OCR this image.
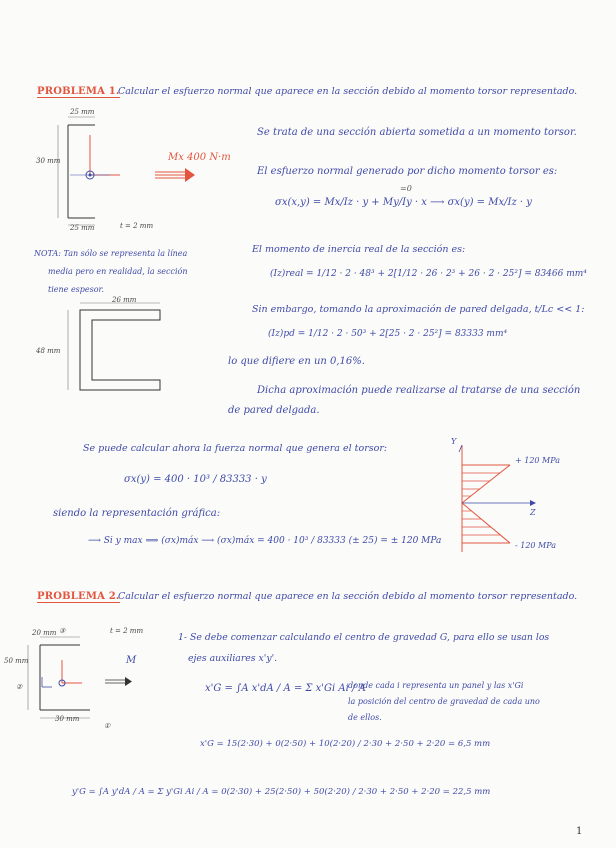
PROBLEMA 1.
Calcular el esfuerzo normal que aparece en la sección debido al momento torsor representado.
25 mm
30 mm
25 mm	t = 2 mm
Mx 400 N·m
Se trata de una sección abierta sometida a un momento torsor.
El esfuerzo normal generado por dicho momento torsor es:
=0
σx(x,y) = Mx/Iz · y + My/Iy · x ⟶ σx(y) = Mx/Iz · y
NOTA: Tan sólo se representa la línea
media pero en realidad, la sección
tiene espesor.
26 mm
48 mm
El momento de inercia real de la sección es:
(Iz)real = 1/12 · 2 · 48³ + 2[1/12 · 26 · 2³ + 26 · 2 · 25²] = 83466 mm⁴
Sin embargo, tomando la aproximación de pared delgada, t/Lc << 1:
(Iz)pd = 1/12 · 2 · 50³ + 2[25 · 2 · 25²] = 83333 mm⁴
lo que difiere en un 0,16%.
Dicha aproximación puede realizarse al tratarse de una sección
de pared delgada.
Se puede calcular ahora la fuerza normal que genera el torsor:
σx(y) = 400 · 10³ / 83333 · y
siendo la representación gráfica:
⟶ Si y max ⟹ (σx)máx ⟶ (σx)máx = 400 · 10³ / 83333 (± 25) = ± 120 MPa
Y
Z
+ 120 MPa
- 120 MPa
PROBLEMA 2.
Calcular el esfuerzo normal que aparece en la sección debido al momento torsor representado.
20 mm ③	t = 2 mm
50 mm
②
30 mm
①
M
1- Se debe comenzar calculando el centro de gravedad G, para ello se usan los
ejes auxiliares x'y'.
x'G = ∫A x'dA / A = Σ x'Gi Ai / A
donde cada i representa un panel y las x'Gi
la posición del centro de gravedad de cada uno
de ellos.
x'G = 15(2·30) + 0(2·50) + 10(2·20) / 2·30 + 2·50 + 2·20 = 6,5 mm
y'G = ∫A y'dA / A = Σ y'Gi Ai / A = 0(2·30) + 25(2·50) + 50(2·20) / 2·30 + 2·50 + 2·20 = 22,5 mm
1
